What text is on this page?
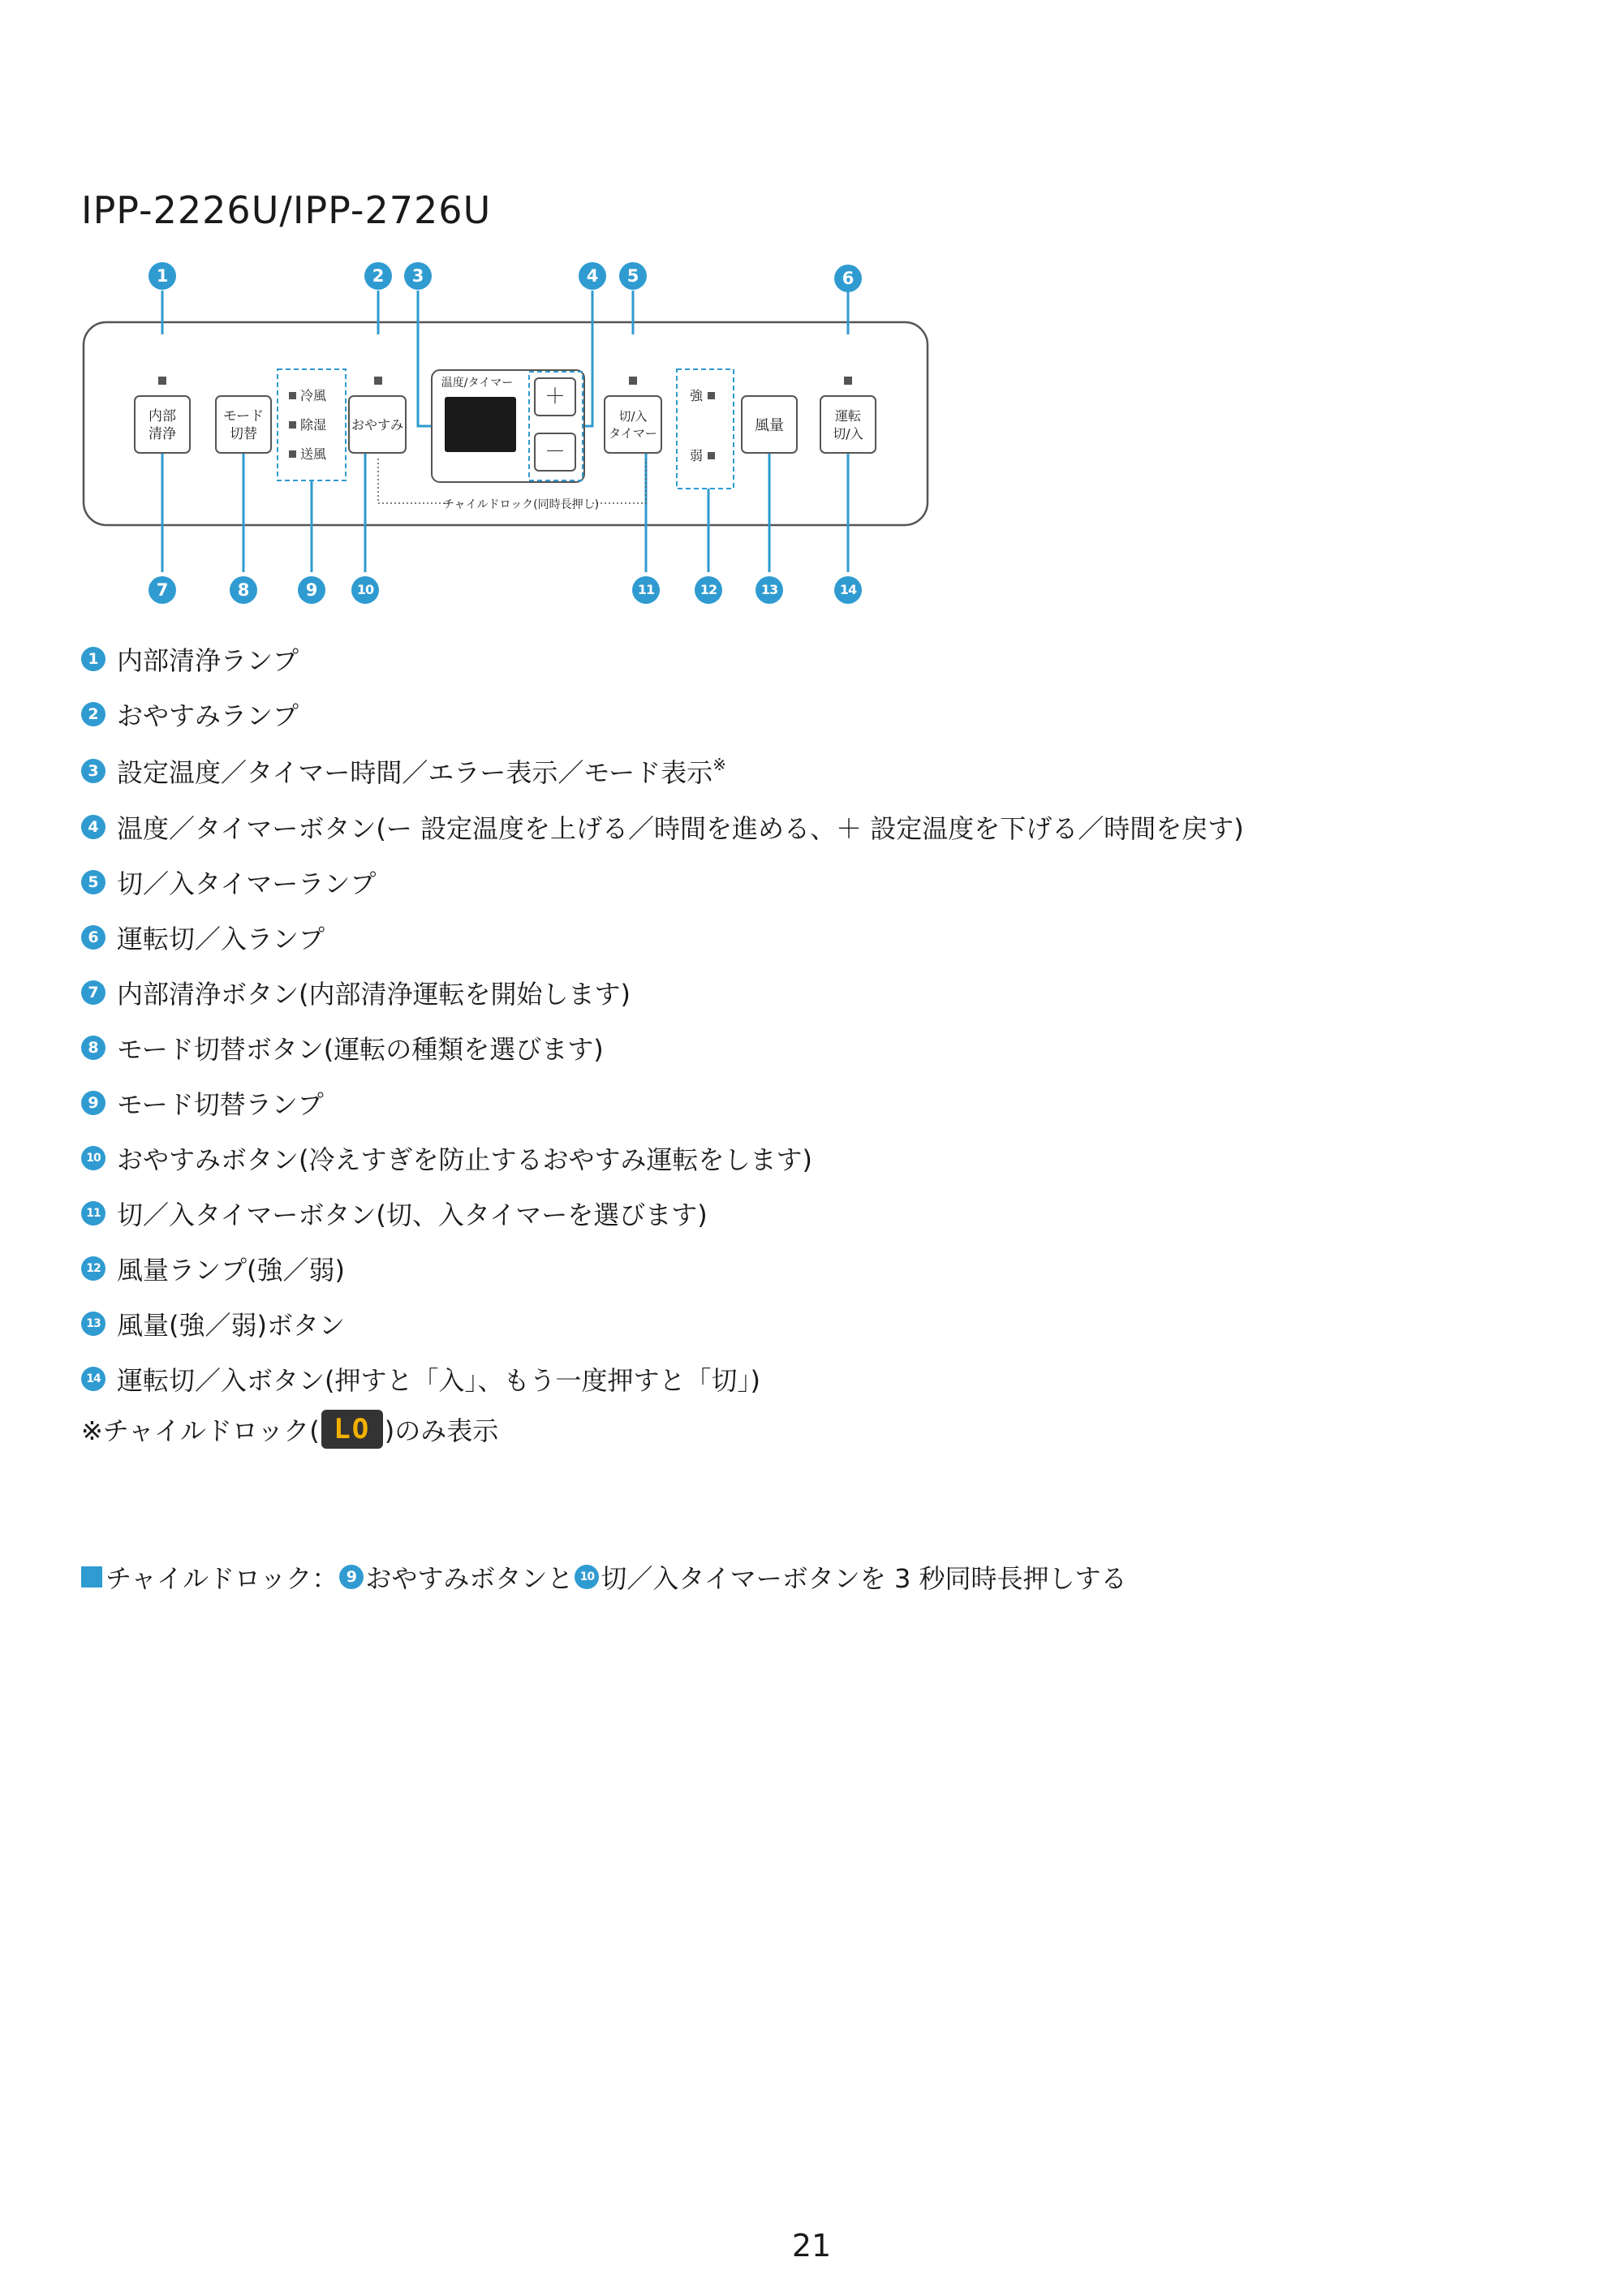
IPP-2226U/IPP-2726U
内部
清浄
モード
切替
冷風
除湿
送風
おやすみ
温度/タイマー
＋
－
切/入
タイマー
チャイルドロック(同時長押し)
強
弱
風量
運転
切/入
1	2	3	4	5	6
7	8	9	10	11	12	13	14
1 内部清浄ランプ
2 おやすみランプ
3 設定温度／タイマー時間／エラー表示／モード表示※
4 温度／タイマーボタン(ー 設定温度を上げる／時間を進める、＋ 設定温度を下げる／時間を戻す)
5 切／入タイマーランプ
6 運転切／入ランプ
7 内部清浄ボタン(内部清浄運転を開始します)
8 モード切替ボタン(運転の種類を選びます)
9 モード切替ランプ
10 おやすみボタン(冷えすぎを防止するおやすみ運転をします)
11 切／入タイマーボタン(切、入タイマーを選びます)
12 風量ランプ(強／弱)
13 風量(強／弱)ボタン
14 運転切／入ボタン(押すと「入」、もう一度押すと「切」)
※チャイルドロック( LO )のみ表示
チャイルドロック： 9 おやすみボタンと 10 切／入タイマーボタンを 3 秒同時長押しする
21
